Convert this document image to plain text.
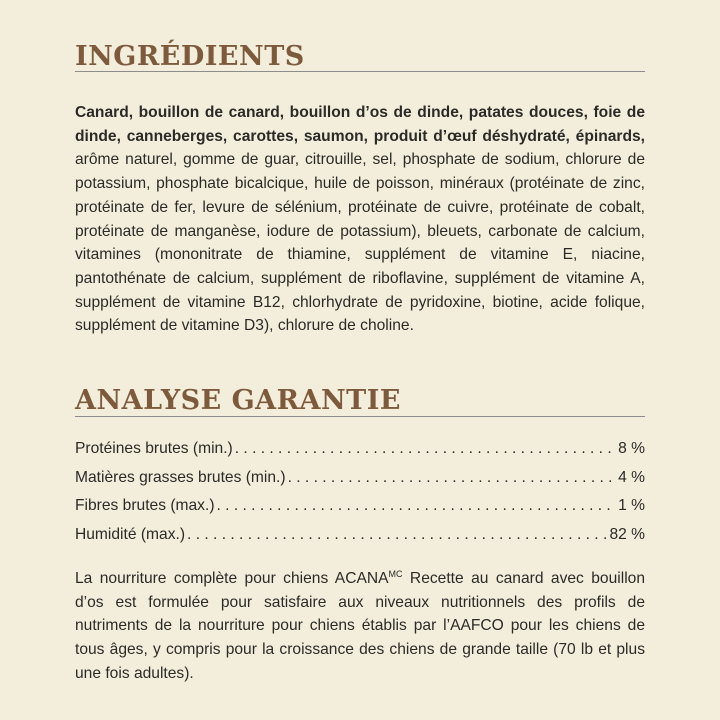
INGRÉDIENTS

Canard, bouillon de canard, bouillon d’os de dinde, patates douces, foie de dinde, canneberges, carottes, saumon, produit d’œuf déshydraté, épinards, arôme naturel, gomme de guar, citrouille, sel, phosphate de sodium, chlorure de potassium, phosphate bicalcique, huile de poisson, minéraux (protéinate de zinc, protéinate de fer, levure de sélénium, protéinate de cuivre, protéinate de cobalt, protéinate de manganèse, iodure de potassium), bleuets, carbonate de calcium, vitamines (mononitrate de thiamine, supplément de vitamine E, niacine, pantothénate de calcium, supplément de riboflavine, supplément de vitamine A, supplément de vitamine B12, chlorhydrate de pyridoxine, biotine, acide folique, supplément de vitamine D3), chlorure de choline.

ANALYSE GARANTIE
Protéines brutes (min.) . . .	8 %
Matières grasses brutes (min.) . . .	4 %
Fibres brutes (max.) . . .	1 %
Humidité (max.) . . .	82 %

La nourriture complète pour chiens $ACANA^{MC}$ Recette au canard avec bouillon d’os est formulée pour satisfaire aux niveaux nutritionnels des profils de nutriments de la nourriture pour chiens établis par l’AAFCO pour les chiens de tous âges, y compris pour la croissance des chiens de grande taille (70 lb et plus une fois adultes).
